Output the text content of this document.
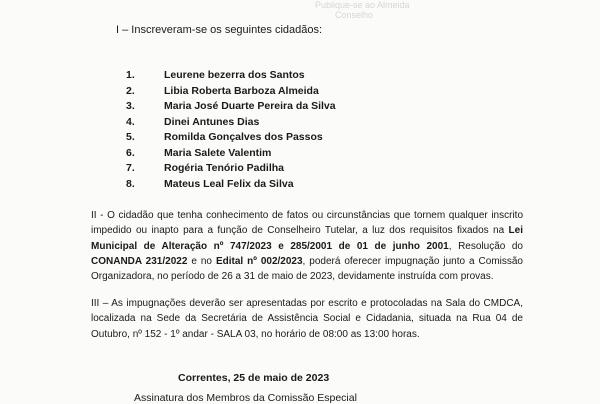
Publique-se ao Almeida
Conselho

I – Inscreveram-se os seguintes cidadãos:

1.	Leurene bezerra dos Santos
2.	Libia Roberta Barboza Almeida
3.	Maria José Duarte Pereira da Silva
4.	Dinei Antunes Dias
5.	Romilda Gonçalves dos Passos
6.	Maria Salete Valentim
7.	Rogéria Tenório Padilha
8.	Mateus Leal Felix da Silva

II - O cidadão que tenha conhecimento de fatos ou circunstâncias que tornem qualquer inscrito impedido ou inapto para a função de Conselheiro Tutelar, a luz dos requisitos fixados na Lei Municipal de Alteração nº 747/2023 e 285/2001 de 01 de junho 2001, Resolução do CONANDA 231/2022 e no Edital nº 002/2023, poderá oferecer impugnação junto a Comissão Organizadora, no período de 26 a 31 de maio de 2023, devidamente instruída com provas.

III – As impugnações deverão ser apresentadas por escrito e protocoladas na Sala do CMDCA, localizada na Sede da Secretária de Assistência Social e Cidadania, situada na Rua 04 de Outubro, nº 152 - 1º andar - SALA 03, no horário de 08:00 as 13:00 horas.

Correntes, 25 de maio de 2023

Assinatura dos Membros da Comissão Especial
